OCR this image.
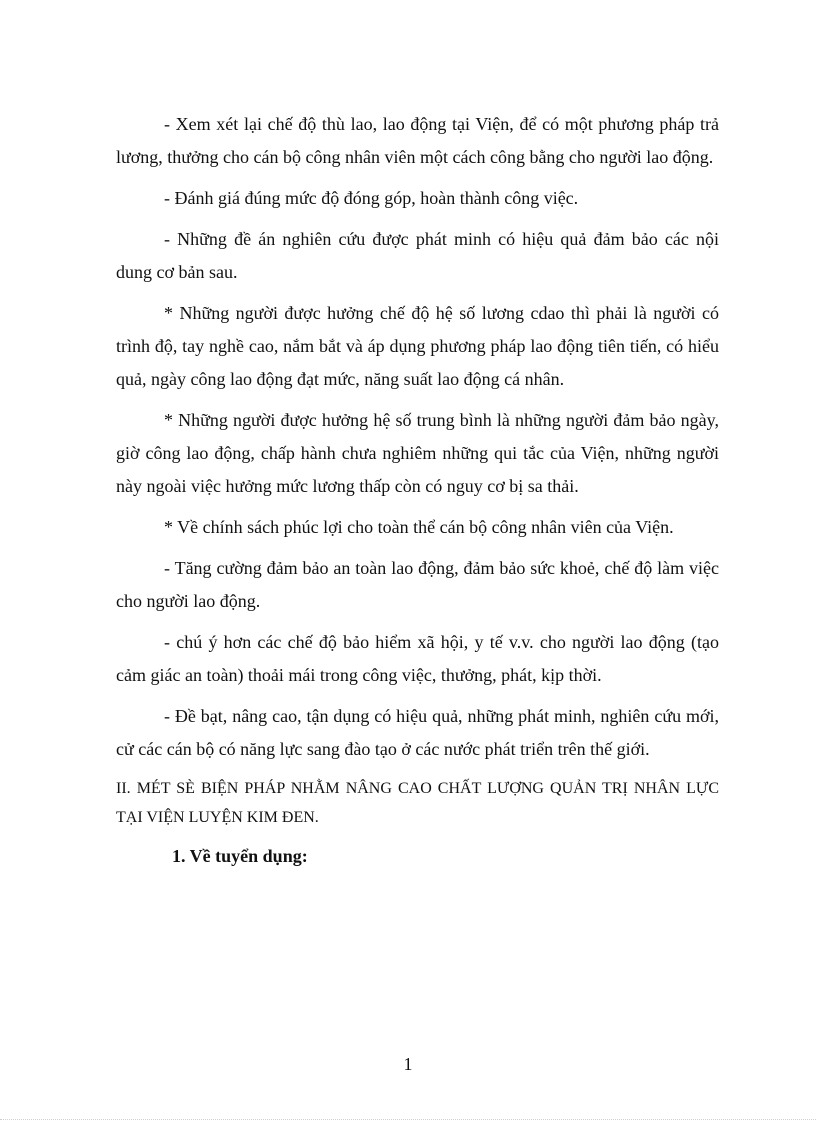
- Xem xét lại chế độ thù lao, lao động tại Viện, để có một phương pháp trả lương, thưởng cho cán bộ công nhân viên một cách công bằng cho người lao động.

- Đánh giá đúng mức độ đóng góp, hoàn thành công việc.

- Những đề án nghiên cứu được phát minh có hiệu quả đảm bảo các nội dung cơ bản sau.

* Những người được hưởng chế độ hệ số lương cdao thì phải là người có trình độ, tay nghề cao, nắm bắt và áp dụng phương pháp lao động tiên tiến, có hiểu quả, ngày công lao động đạt mức, năng suất lao động cá nhân.

* Những người được hưởng hệ số trung bình là những người đảm bảo ngày, giờ công lao động, chấp hành chưa nghiêm những qui tắc của Viện, những người này ngoài việc hưởng mức lương thấp còn có nguy cơ bị sa thải.

* Về chính sách phúc lợi cho toàn thể cán bộ công nhân viên của Viện.

- Tăng cường đảm bảo an toàn lao động, đảm bảo sức khoẻ, chế độ làm việc cho người lao động.

- chú ý hơn các chế độ bảo hiểm xã hội, y tế v.v. cho người lao động (tạo cảm giác an toàn) thoải mái trong công việc, thưởng, phát, kịp thời.

- Đề bạt, nâng cao, tận dụng có hiệu quả, những phát minh, nghiên cứu mới, cử các cán bộ có năng lực sang đào tạo ở các nước phát triển trên thế giới.

II. MÉT SÈ BIỆN PHÁP NHẰM NÂNG CAO CHẤT LƯỢNG QUẢN TRỊ NHÂN LỰC TẠI VIỆN LUYỆN KIM ĐEN.

1. Về tuyển dụng:

1
